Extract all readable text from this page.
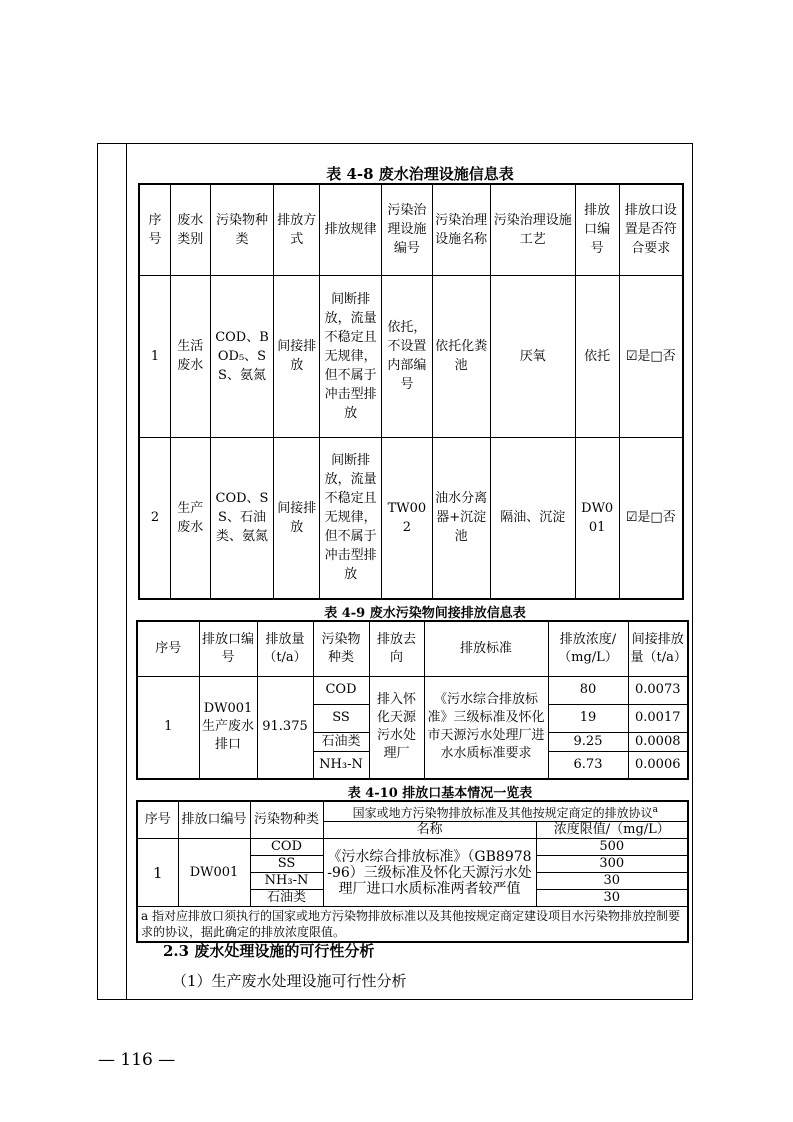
表 4-8 废水治理设施信息表
序号	废水类别	污染物种类	排放方式	排放规律	污染治理设施编号	污染治理设施名称	污染治理设施工艺	排放口编号	排放口设置是否符合要求
1	生活废水	COD、BOD₅、SS、氨氮	间接排放	间断排放，流量不稳定且无规律，但不属于冲击型排放	依托，不设置内部编号	依托化粪池	厌氧	依托	☑是□否
2	生产废水	COD、SS、石油类、氨氮	间接排放	间断排放，流量不稳定且无规律，但不属于冲击型排放	TW002	油水分离器+沉淀池	隔油、沉淀	DW001	☑是□否
表 4-9 废水污染物间接排放信息表
序号	排放口编号	排放量（t/a）	污染物种类	排放去向	排放标准	排放浓度/（mg/L）	间接排放量（t/a）
1	DW001生产废水排口	91.375	COD	排入怀化天源污水处理厂	《污水综合排放标准》三级标准及怀化市天源污水处理厂进水水质标准要求	80	0.0073
			SS			19	0.0017
			石油类			9.25	0.0008
			NH₃-N			6.73	0.0006
表 4-10 排放口基本情况一览表
序号	排放口编号	污染物种类	国家或地方污染物排放标准及其他按规定商定的排放协议$^a$
			名称	浓度限值/（mg/L）
1	DW001	COD	《污水综合排放标准》（GB8978-96）三级标准及怀化天源污水处理厂进口水质标准两者较严值	500
		SS		300
		NH₃-N		30
		石油类		30
a 指对应排放口须执行的国家或地方污染物排放标准以及其他按规定商定建设项目水污染物排放控制要求的协议，据此确定的排放浓度限值。				
2.3 废水处理设施的可行性分析
（1）生产废水处理设施可行性分析
— 116 —
